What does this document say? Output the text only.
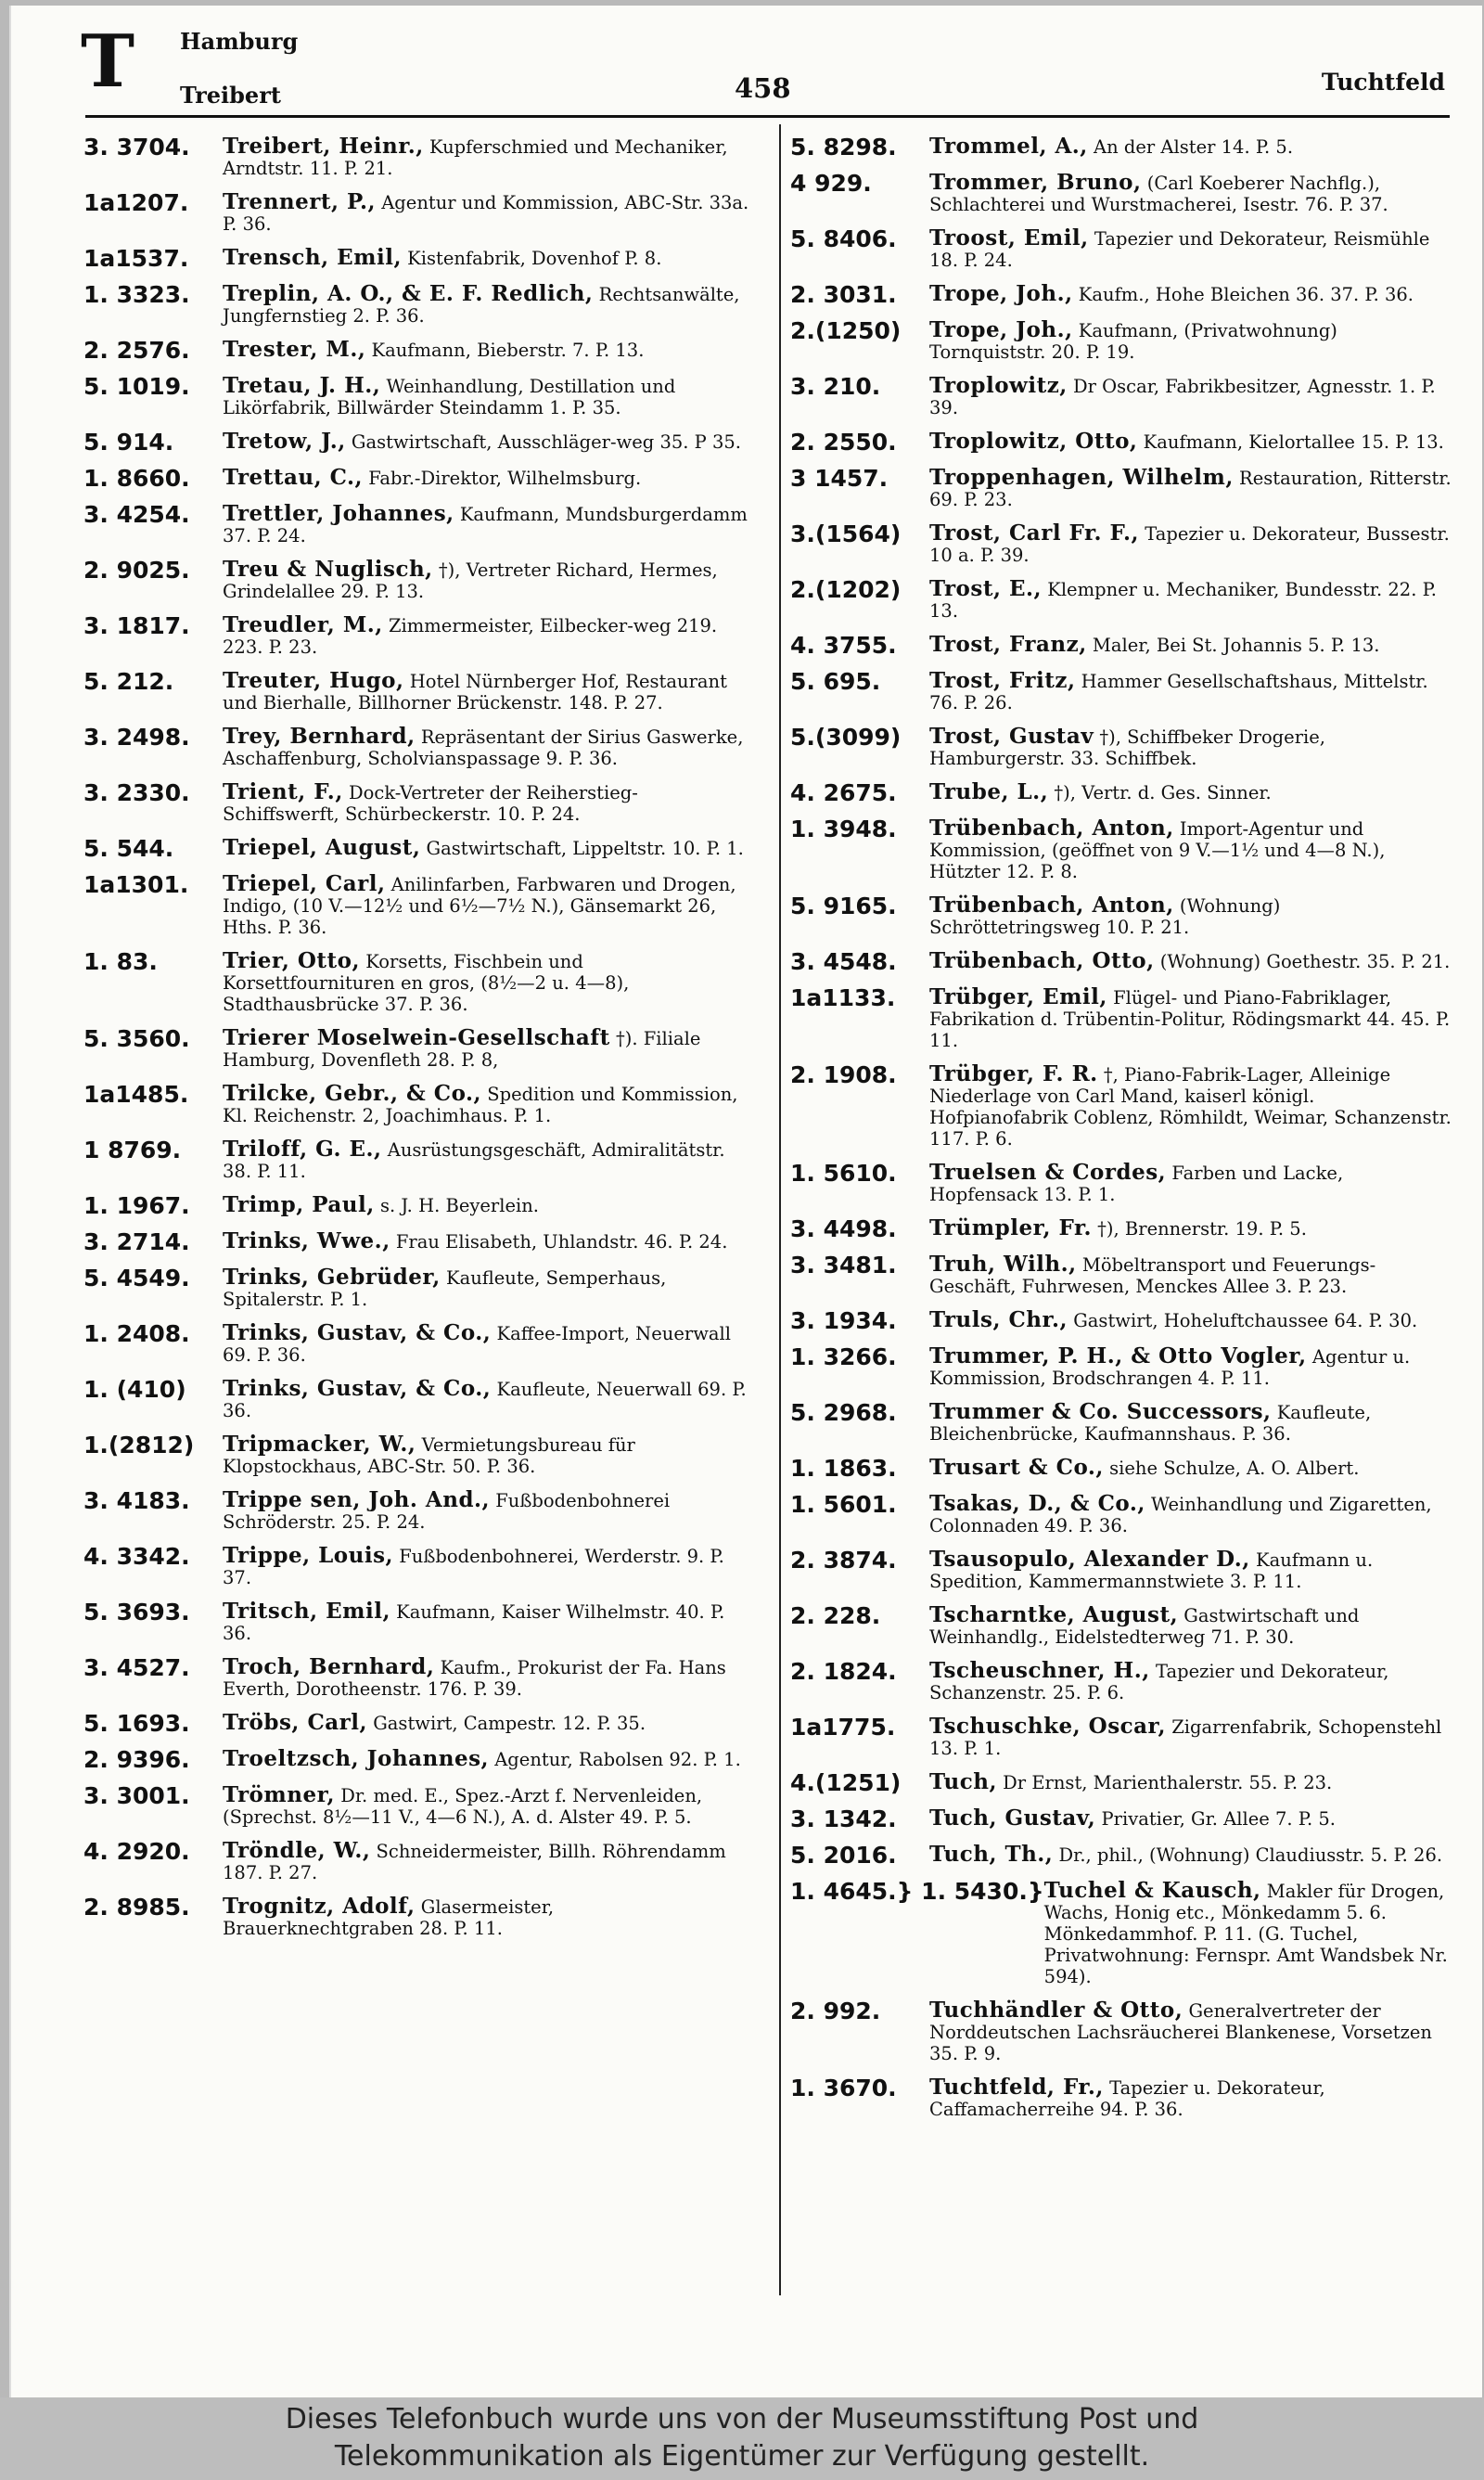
T Hamburg
Treibert	458	Tuchtfeld
3. 3704.	Treibert, Heinr., Kupferschmied und Mechaniker, Arndtstr. 11. P. 21.
1a1207.	Trennert, P., Agentur und Kommission, ABC-Str. 33a. P. 36.
1a1537.	Trensch, Emil, Kistenfabrik, Dovenhof P. 8.
1. 3323.	Treplin, A. O., & E. F. Redlich, Rechtsanwälte, Jungfernstieg 2. P. 36.
2. 2576.	Trester, M., Kaufmann, Bieberstr. 7. P. 13.
5. 1019.	Tretau, J. H., Weinhandlung, Destillation und Likörfabrik, Billwärder Steindamm 1. P. 35.
5. 914.	Tretow, J., Gastwirtschaft, Ausschläger-weg 35. P 35.
1. 8660.	Trettau, C., Fabr.-Direktor, Wilhelmsburg.
3. 4254.	Trettler, Johannes, Kaufmann, Mundsburgerdamm 37. P. 24.
2. 9025.	Treu & Nuglisch, †), Vertreter Richard, Hermes, Grindelallee 29. P. 13.
3. 1817.	Treudler, M., Zimmermeister, Eilbecker-weg 219. 223. P. 23.
5. 212.	Treuter, Hugo, Hotel Nürnberger Hof, Restaurant und Bierhalle, Billhorner Brückenstr. 148. P. 27.
3. 2498.	Trey, Bernhard, Repräsentant der Sirius Gaswerke, Aschaffenburg, Scholvianspassage 9. P. 36.
3. 2330.	Trient, F., Dock-Vertreter der Reiherstieg-Schiffswerft, Schürbeckerstr. 10. P. 24.
5. 544.	Triepel, August, Gastwirtschaft, Lippeltstr. 10. P. 1.
1a1301.	Triepel, Carl, Anilinfarben, Farbwaren und Drogen, Indigo, (10 V.—12½ und 6½—7½ N.), Gänsemarkt 26, Hths. P. 36.
1. 83.	Trier, Otto, Korsetts, Fischbein und Korsettfournituren en gros, (8½—2 u. 4—8), Stadthausbrücke 37. P. 36.
5. 3560.	Trierer Moselwein-Gesellschaft †). Filiale Hamburg, Dovenfleth 28. P. 8,
1a1485.	Trilcke, Gebr., & Co., Spedition und Kommission, Kl. Reichenstr. 2, Joachimhaus. P. 1.
1 8769.	Triloff, G. E., Ausrüstungsgeschäft, Admiralitätstr. 38. P. 11.
1. 1967.	Trimp, Paul, s. J. H. Beyerlein.
3. 2714.	Trinks, Wwe., Frau Elisabeth, Uhlandstr. 46. P. 24.
5. 4549.	Trinks, Gebrüder, Kaufleute, Semperhaus, Spitalerstr. P. 1.
1. 2408.	Trinks, Gustav, & Co., Kaffee-Import, Neuerwall 69. P. 36.
1. (410)	Trinks, Gustav, & Co., Kaufleute, Neuerwall 69. P. 36.
1.(2812)	Tripmacker, W., Vermietungsbureau für Klopstockhaus, ABC-Str. 50. P. 36.
3. 4183.	Trippe sen, Joh. And., Fußbodenbohnerei Schröderstr. 25. P. 24.
4. 3342.	Trippe, Louis, Fußbodenbohnerei, Werderstr. 9. P. 37.
5. 3693.	Tritsch, Emil, Kaufmann, Kaiser Wilhelmstr. 40. P. 36.
3. 4527.	Troch, Bernhard, Kaufm., Prokurist der Fa. Hans Everth, Dorotheenstr. 176. P. 39.
5. 1693.	Tröbs, Carl, Gastwirt, Campestr. 12. P. 35.
2. 9396.	Troeltzsch, Johannes, Agentur, Rabolsen 92. P. 1.
3. 3001.	Trömner, Dr. med. E., Spez.-Arzt f. Nervenleiden, (Sprechst. 8½—11 V., 4—6 N.), A. d. Alster 49. P. 5.
4. 2920.	Tröndle, W., Schneidermeister, Billh. Röhrendamm 187. P. 27.
2. 8985.	Trognitz, Adolf, Glasermeister, Brauerknechtgraben 28. P. 11.
5. 8298.	Trommel, A., An der Alster 14. P. 5.
4 929.	Trommer, Bruno, (Carl Koeberer Nachflg.), Schlachterei und Wurstmacherei, Isestr. 76. P. 37.
5. 8406.	Troost, Emil, Tapezier und Dekorateur, Reismühle 18. P. 24.
2. 3031.	Trope, Joh., Kaufm., Hohe Bleichen 36. 37. P. 36.
2.(1250)	Trope, Joh., Kaufmann, (Privatwohnung) Tornquiststr. 20. P. 19.
3. 210.	Troplowitz, Dr Oscar, Fabrikbesitzer, Agnesstr. 1. P. 39.
2. 2550.	Troplowitz, Otto, Kaufmann, Kielortallee 15. P. 13.
3 1457.	Troppenhagen, Wilhelm, Restauration, Ritterstr. 69. P. 23.
3.(1564)	Trost, Carl Fr. F., Tapezier u. Dekorateur, Bussestr. 10 a. P. 39.
2.(1202)	Trost, E., Klempner u. Mechaniker, Bundesstr. 22. P. 13.
4. 3755.	Trost, Franz, Maler, Bei St. Johannis 5. P. 13.
5. 695.	Trost, Fritz, Hammer Gesellschaftshaus, Mittelstr. 76. P. 26.
5.(3099)	Trost, Gustav †), Schiffbeker Drogerie, Hamburgerstr. 33. Schiffbek.
4. 2675.	Trube, L., †), Vertr. d. Ges. Sinner.
1. 3948.	Trübenbach, Anton, Import-Agentur und Kommission, (geöffnet von 9 V.—1½ und 4—8 N.), Hützter 12. P. 8.
5. 9165.	Trübenbach, Anton, (Wohnung) Schröttetringsweg 10. P. 21.
3. 4548.	Trübenbach, Otto, (Wohnung) Goethestr. 35. P. 21.
1a1133.	Trübger, Emil, Flügel- und Piano-Fabriklager, Fabrikation d. Trübentin-Politur, Rödingsmarkt 44. 45. P. 11.
2. 1908.	Trübger, F. R. †, Piano-Fabrik-Lager, Alleinige Niederlage von Carl Mand, kaiserl königl. Hofpianofabrik Coblenz, Römhildt, Weimar, Schanzenstr. 117. P. 6.
1. 5610.	Truelsen & Cordes, Farben und Lacke, Hopfensack 13. P. 1.
3. 4498.	Trümpler, Fr. †), Brennerstr. 19. P. 5.
3. 3481.	Truh, Wilh., Möbeltransport und Feuerungs-Geschäft, Fuhrwesen, Menckes Allee 3. P. 23.
3. 1934.	Truls, Chr., Gastwirt, Hoheluftchaussee 64. P. 30.
1. 3266.	Trummer, P. H., & Otto Vogler, Agentur u. Kommission, Brodschrangen 4. P. 11.
5. 2968.	Trummer & Co. Successors, Kaufleute, Bleichenbrücke, Kaufmannshaus. P. 36.
1. 1863.	Trusart & Co., siehe Schulze, A. O. Albert.
1. 5601.	Tsakas, D., & Co., Weinhandlung und Zigaretten, Colonnaden 49. P. 36.
2. 3874.	Tsausopulo, Alexander D., Kaufmann u. Spedition, Kammermannstwiete 3. P. 11.
2. 228.	Tscharntke, August, Gastwirtschaft und Weinhandlg., Eidelstedterweg 71. P. 30.
2. 1824.	Tscheuschner, H., Tapezier und Dekorateur, Schanzenstr. 25. P. 6.
1a1775.	Tschuschke, Oscar, Zigarrenfabrik, Schopenstehl 13. P. 1.
4.(1251)	Tuch, Dr Ernst, Marienthalerstr. 55. P. 23.
3. 1342.	Tuch, Gustav, Privatier, Gr. Allee 7. P. 5.
5. 2016.	Tuch, Th., Dr., phil., (Wohnung) Claudiusstr. 5. P. 26.
1. 4645.} 1. 5430.} Tuchel & Kausch, Makler für Drogen, Wachs, Honig etc., Mönkedamm 5. 6. Mönkedammhof. P. 11. (G. Tuchel, Privatwohnung: Fernspr. Amt Wandsbek Nr. 594).
2. 992.	Tuchhändler & Otto, Generalvertreter der Norddeutschen Lachsräucherei Blankenese, Vorsetzen 35. P. 9.
1. 3670.	Tuchtfeld, Fr., Tapezier u. Dekorateur, Caffamacherreihe 94. P. 36.
Dieses Telefonbuch wurde uns von der Museumsstiftung Post und
Telekommunikation als Eigentümer zur Verfügung gestellt.
